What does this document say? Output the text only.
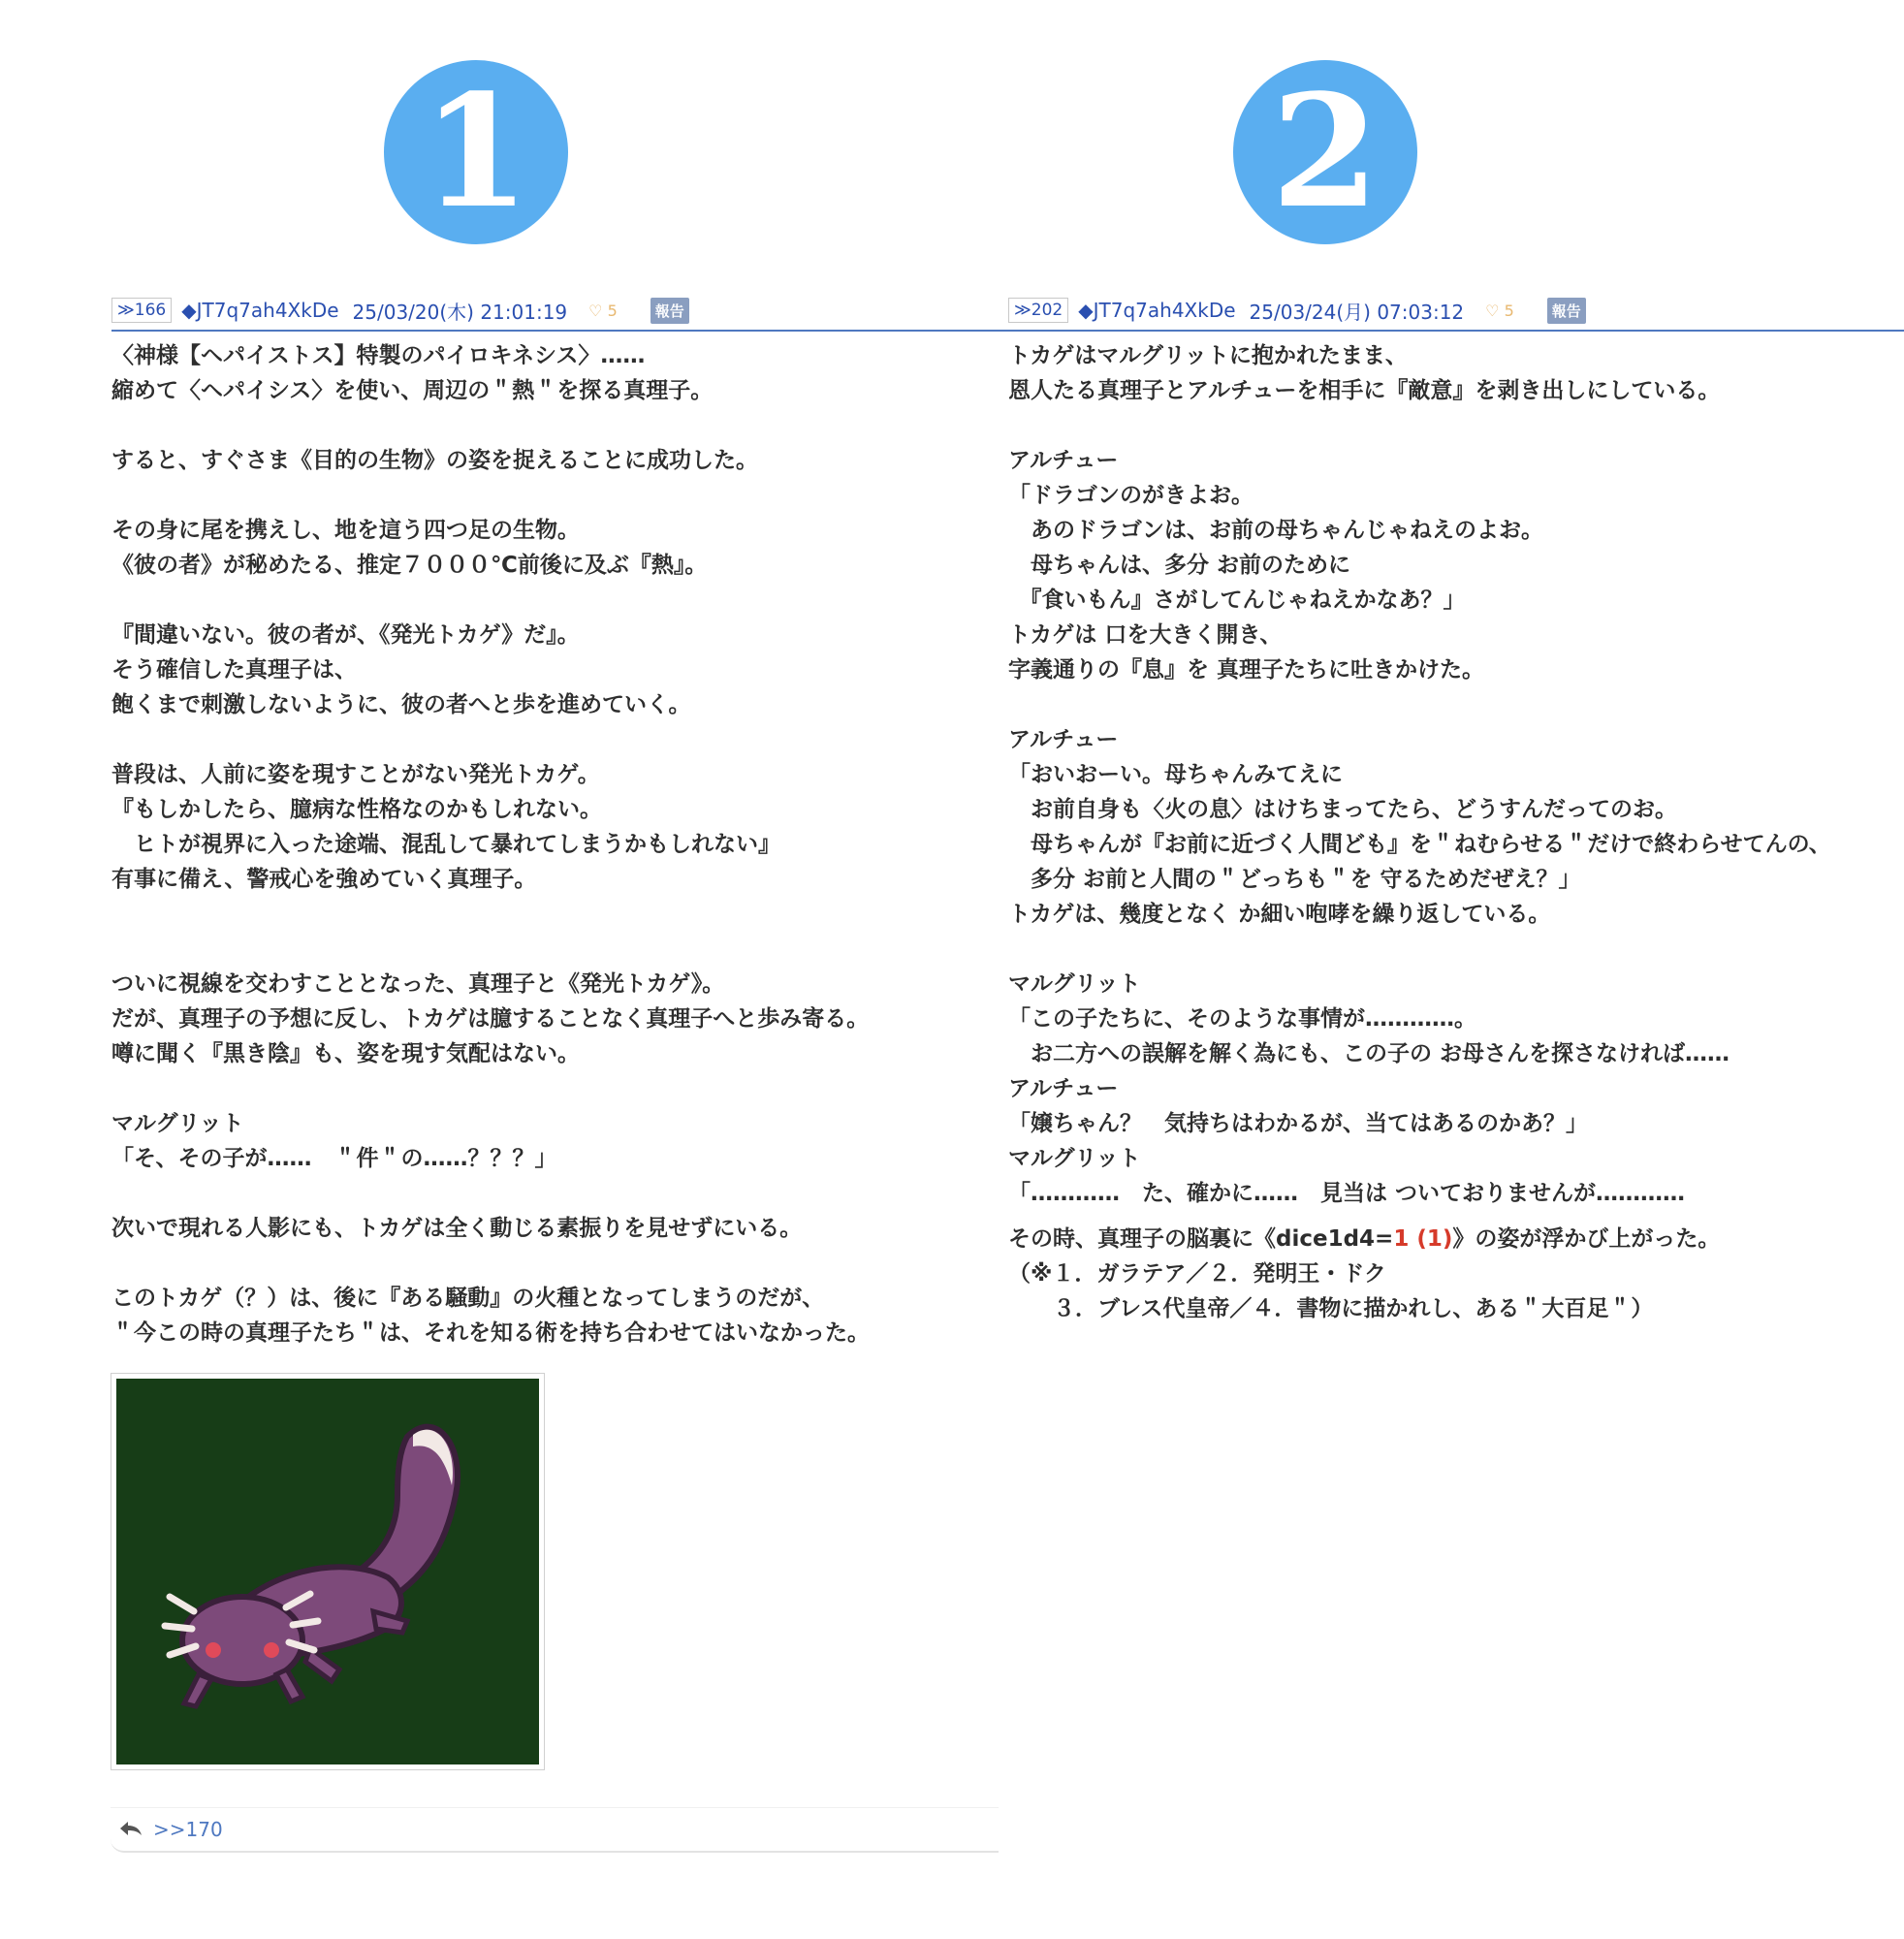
1
≫166 ◆JT7q7ah4XkDe 25/03/20(木) 21:01:19 ♡ 5	報告
〈神様【ヘパイストス】特製のパイロキネシス〉……
縮めて〈ヘパイシス〉を使い、周辺の＂熱＂を探る真理子。

すると、すぐさま《目的の生物》の姿を捉えることに成功した。

その身に尾を携えし、地を這う四つ足の生物。
《彼の者》が秘めたる、推定７０００℃前後に及ぶ『熱』。

『間違いない。彼の者が、《発光トカゲ》だ』。
そう確信した真理子は、
飽くまで刺激しないように、彼の者へと歩を進めていく。

普段は、人前に姿を現すことがない発光トカゲ。
『もしかしたら、臆病な性格なのかもしれない。
　ヒトが視界に入った途端、混乱して暴れてしまうかもしれない』
有事に備え、警戒心を強めていく真理子。

ついに視線を交わすこととなった、真理子と《発光トカゲ》。
だが、真理子の予想に反し、トカゲは臆することなく真理子へと歩み寄る。
噂に聞く『黒き陰』も、姿を現す気配はない。

マルグリット
「そ、その子が……　＂件＂の……？？？」

次いで現れる人影にも、トカゲは全く動じる素振りを見せずにいる。

このトカゲ（？）は、後に『ある騒動』の火種となってしまうのだが、
＂今この時の真理子たち＂は、それを知る術を持ち合わせてはいなかった。
>>170
2
≫202 ◆JT7q7ah4XkDe 25/03/24(月) 07:03:12 ♡ 5	報告
トカゲはマルグリットに抱かれたまま、
恩人たる真理子とアルチューを相手に『敵意』を剥き出しにしている。

アルチュー
「ドラゴンのがきよお。
　あのドラゴンは、お前の母ちゃんじゃねえのよお。
　母ちゃんは、多分 お前のために
　『食いもん』さがしてんじゃねえかなあ？」
トカゲは 口を大きく開き、
字義通りの『息』を 真理子たちに吐きかけた。

アルチュー
「おいおーい。母ちゃんみてえに
　お前自身も〈火の息〉はけちまってたら、どうすんだってのお。
　母ちゃんが『お前に近づく人間ども』を＂ねむらせる＂だけで終わらせてんの、
　多分 お前と人間の＂どっちも＂を 守るためだぜえ？」
トカゲは、幾度となく か細い咆哮を繰り返している。

マルグリット
「この子たちに、そのような事情が…………。
　お二方への誤解を解く為にも、この子の お母さんを探さなければ……
アルチュー
「嬢ちゃん？　気持ちはわかるが、当てはあるのかあ？」
マルグリット
「…………　た、確かに……　見当は ついておりませんが…………
その時、真理子の脳裏に《dice1d4=1 (1)》の姿が浮かび上がった。
（※１．ガラテア／２．発明王・ドク
　　３．ブレス代皇帝／４．書物に描かれし、ある＂大百足＂）
